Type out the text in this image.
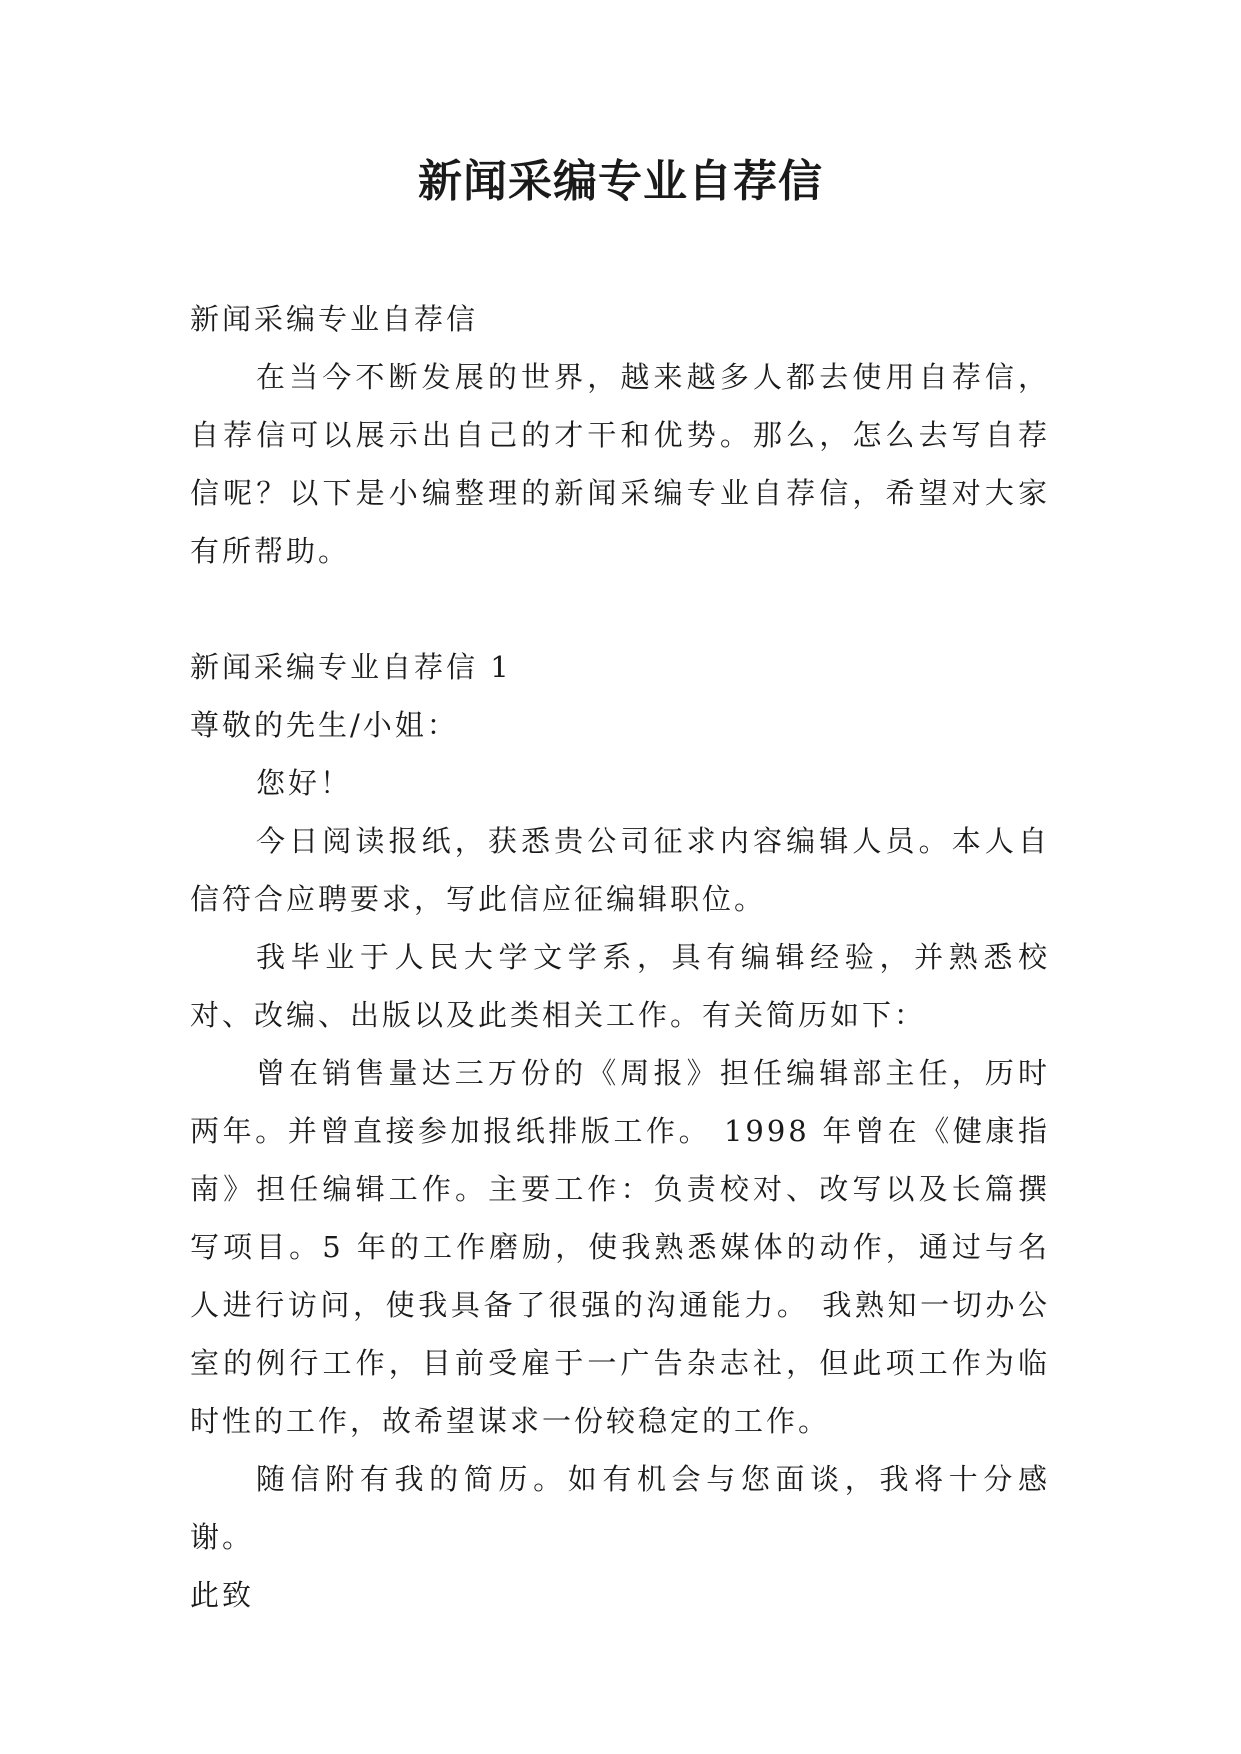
新闻采编专业自荐信

新闻采编专业自荐信

在当今不断发展的世界，越来越多人都去使用自荐信，自荐信可以展示出自己的才干和优势。那么，怎么去写自荐信呢？以下是小编整理的新闻采编专业自荐信，希望对大家有所帮助。

新闻采编专业自荐信 1

尊敬的先生/小姐：

您好！

今日阅读报纸，获悉贵公司征求内容编辑人员。本人自信符合应聘要求，写此信应征编辑职位。

我毕业于人民大学文学系，具有编辑经验，并熟悉校对、改编、出版以及此类相关工作。有关简历如下：

曾在销售量达三万份的《周报》担任编辑部主任，历时两年。并曾直接参加报纸排版工作。 1998 年曾在《健康指南》担任编辑工作。主要工作：负责校对、改写以及长篇撰写项目。5 年的工作磨励，使我熟悉媒体的动作，通过与名人进行访问，使我具备了很强的沟通能力。 我熟知一切办公室的例行工作，目前受雇于一广告杂志社，但此项工作为临时性的工作，故希望谋求一份较稳定的工作。

随信附有我的简历。如有机会与您面谈，我将十分感谢。

此致
